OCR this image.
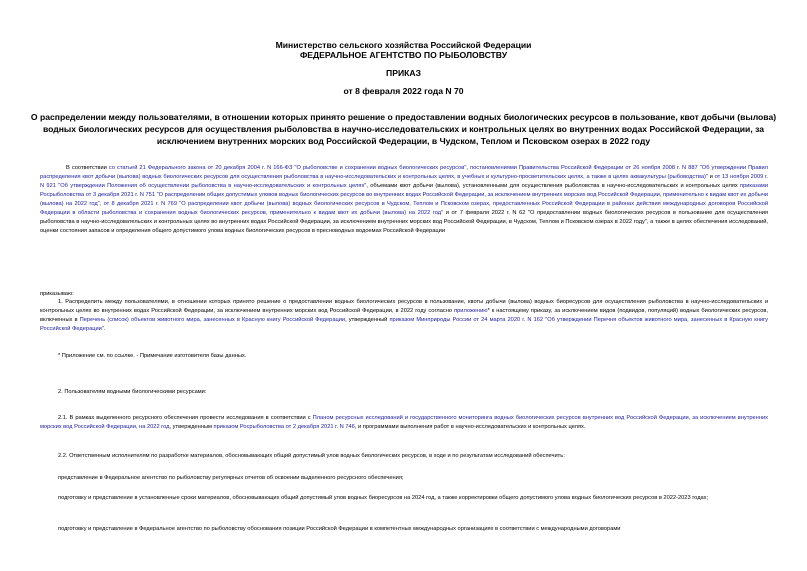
Министерство сельского хозяйства Российской Федерации
ФЕДЕРАЛЬНОЕ АГЕНТСТВО ПО РЫБОЛОВСТВУ
ПРИКАЗ
от 8 февраля 2022 года N 70
О распределении между пользователями, в отношении которых принято решение о предоставлении водных биологических ресурсов в пользование, квот добычи (вылова) водных биологических ресурсов для осуществления рыболовства в научно-исследовательских и контрольных целях во внутренних водах Российской Федерации, за исключением внутренних морских вод Российской Федерации, в Чудском, Теплом и Псковском озерах в 2022 году
В соответствии со статьей 21 Федерального закона от 20 декабря 2004 г. N 166-ФЗ "О рыболовстве и сохранении водных биологических ресурсов", постановлениями Правительства Российской Федерации от 26 ноября 2008 г. N 887 "Об утверждении Правил распределения квот добычи (вылова) водных биологических ресурсов для осуществления рыболовства в научно-исследовательских и контрольных целях, в учебных и культурно-просветительских целях, а также в целях аквакультуры (рыбоводства)" и от 13 ноября 2009 г. N 921 "Об утверждении Положения об осуществлении рыболовства в научно-исследовательских и контрольных целях", объемами квот добычи (вылова), установленными для осуществления рыболовства в научно-исследовательских и контрольных целях приказами Росрыболовства от 3 декабря 2021 г. N 751 "О распределении общих допустимых уловов водных биологических ресурсов во внутренних водах Российской Федерации, за исключением внутренних морских вод Российской Федерации, применительно к видам квот их добычи (вылова) на 2022 год", от 8 декабря 2021 г. N 769 "О распределении квот добычи (вылова) водных биологических ресурсов в Чудском, Теплом и Псковском озерах, предоставленных Российской Федерации в районах действия международных договоров Российской Федерации в области рыболовства и сохранения водных биологических ресурсов, применительно к видам квот их добычи (вылова) на 2022 год" и от 7 февраля 2022 г. N 62 "О предоставлении водных биологических ресурсов в пользование для осуществления рыболовства в научно-исследовательских и контрольных целях во внутренних водах Российской Федерации, за исключением внутренних морских вод Российской Федерации, в Чудском, Теплом и Псковском озерах в 2022 году", а также в целях обеспечения исследований, оценки состояния запасов и определения общего допустимого улова водных биологических ресурсов в пресноводных водоемах Российской Федерации
приказываю:
1. Распределить между пользователями, в отношении которых принято решение о предоставлении водных биологических ресурсов в пользование, квоты добычи (вылова) водных биоресурсов для осуществления рыболовства в научно-исследовательских и контрольных целях во внутренних водах Российской Федерации, за исключением внутренних морских вод Российской Федерации, в 2022 году согласно приложению* к настоящему приказу, за исключением видов (подвидов, популяций) водных биологических ресурсов, включенных в Перечень (список) объектов животного мира, занесенных в Красную книгу Российской Федерации, утвержденный приказом Минприроды России от 24 марта 2020 г. N 162 "Об утверждении Перечня объектов животного мира, занесенных в Красную книгу Российской Федерации".
* Приложение см. по ссылке. - Примечание изготовителя базы данных.
2. Пользователям водными биологическими ресурсами:
2.1. В рамках выделенного ресурсного обеспечения провести исследования в соответствии с Планом ресурсных исследований и государственного мониторинга водных биологических ресурсов внутренних вод Российской Федерации, за исключением внутренних морских вод Российской Федерации, на 2022 год, утвержденным приказом Росрыболовства от 2 декабря 2021 г. N 746, и программами выполнения работ в научно-исследовательских и контрольных целях.
2.2. Ответственным исполнителям по разработке материалов, обосновывающих общий допустимый улов водных биологических ресурсов, в ходе и по результатам исследований обеспечить:
представление в Федеральное агентство по рыболовству регулярных отчетов об освоении выделенного ресурсного обеспечения;
подготовку и представление в установленные сроки материалов, обосновывающих общий допустимый улов водных биоресурсов на 2024 год, а также корректировки общего допустимого улова водных биологических ресурсов в 2022-2023 годах;
подготовку и представление в Федеральное агентство по рыболовству обоснования позиции Российской Федерации в компетентных международных организациях в соответствии с международными договорами
